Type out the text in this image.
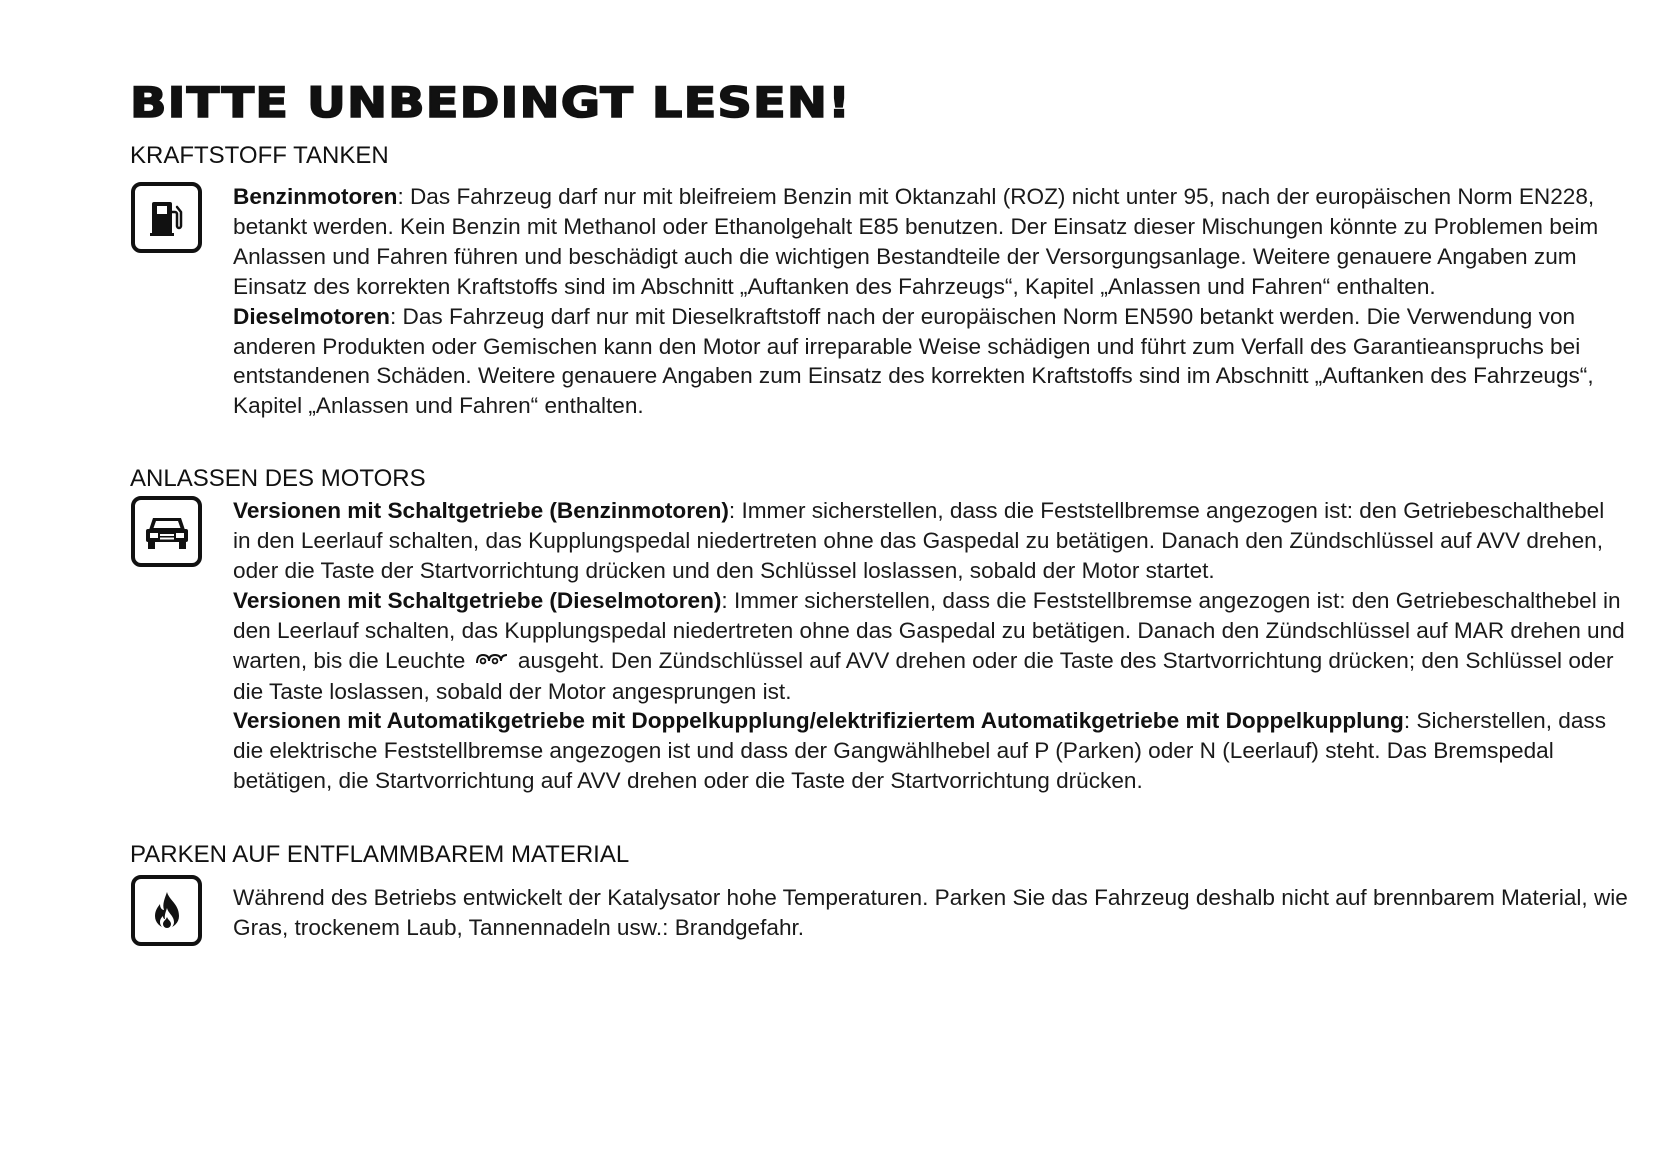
BITTE UNBEDINGT LESEN!
KRAFTSTOFF TANKEN

Benzinmotoren: Das Fahrzeug darf nur mit bleifreiem Benzin mit Oktanzahl (ROZ) nicht unter 95, nach der europäischen Norm EN228, betankt werden. Kein Benzin mit Methanol oder Ethanolgehalt E85 benutzen. Der Einsatz dieser Mischungen könnte zu Problemen beim Anlassen und Fahren führen und beschädigt auch die wichtigen Bestandteile der Versorgungsanlage. Weitere genauere Angaben zum Einsatz des korrekten Kraftstoffs sind im Abschnitt „Auftanken des Fahrzeugs“, Kapitel „Anlassen und Fahren“ enthalten.

Dieselmotoren: Das Fahrzeug darf nur mit Dieselkraftstoff nach der europäischen Norm EN590 betankt werden. Die Verwendung von anderen Produkten oder Gemischen kann den Motor auf irreparable Weise schädigen und führt zum Verfall des Garantieanspruchs bei entstandenen Schäden. Weitere genauere Angaben zum Einsatz des korrekten Kraftstoffs sind im Abschnitt „Auftanken des Fahrzeugs“, Kapitel „Anlassen und Fahren“ enthalten.

ANLASSEN DES MOTORS

Versionen mit Schaltgetriebe (Benzinmotoren): Immer sicherstellen, dass die Feststellbremse angezogen ist: den Getriebeschalthebel in den Leerlauf schalten, das Kupplungspedal niedertreten ohne das Gaspedal zu betätigen. Danach den Zündschlüssel auf AVV drehen, oder die Taste der Startvorrichtung drücken und den Schlüssel loslassen, sobald der Motor startet.

Versionen mit Schaltgetriebe (Dieselmotoren): Immer sicherstellen, dass die Feststellbremse angezogen ist: den Getriebeschalthebel in den Leerlauf schalten, das Kupplungspedal niedertreten ohne das Gaspedal zu betätigen. Danach den Zündschlüssel auf MAR drehen und warten, bis die Leuchte  ausgeht. Den Zündschlüssel auf AVV drehen oder die Taste des Startvorrichtung drücken; den Schlüssel oder die Taste loslassen, sobald der Motor angesprungen ist.

Versionen mit Automatikgetriebe mit Doppelkupplung/elektrifiziertem Automatikgetriebe mit Doppelkupplung: Sicherstellen, dass die elektrische Feststellbremse angezogen ist und dass der Gangwählhebel auf P (Parken) oder N (Leerlauf) steht. Das Bremspedal betätigen, die Startvorrichtung auf AVV drehen oder die Taste der Startvorrichtung drücken.

PARKEN AUF ENTFLAMMBAREM MATERIAL

Während des Betriebs entwickelt der Katalysator hohe Temperaturen. Parken Sie das Fahrzeug deshalb nicht auf brennbarem Material, wie Gras, trockenem Laub, Tannennadeln usw.: Brandgefahr.
